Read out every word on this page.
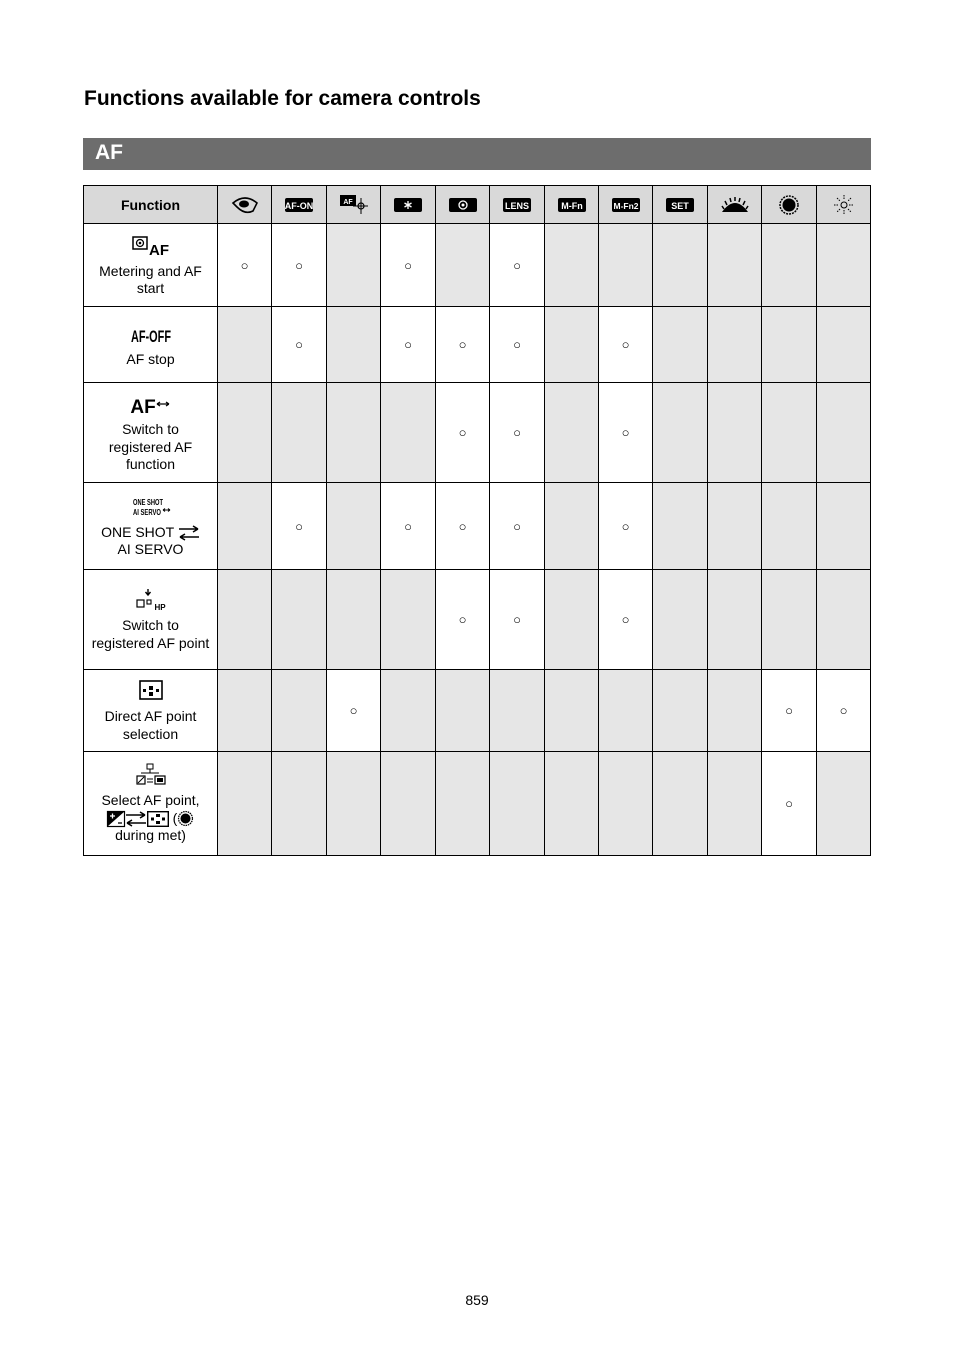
Functions available for camera controls
AF
Function		AF-ON	AF			LENS	M-Fn	M-Fn2	SET

AF
Metering and AF start	○	○		○		○						

AF-OFF
AF stop		○		○	○	○		○				

AF
Switch to registered AF function					○	○		○				

ONE SHOT
AI SERVO
ONE SHOT
AI SERVO		○		○	○	○		○				

HP
Switch to registered AF point					○	○		○				

Direct AF point selection			○								○	○

Select AF point,
(
during met)											○	
859
